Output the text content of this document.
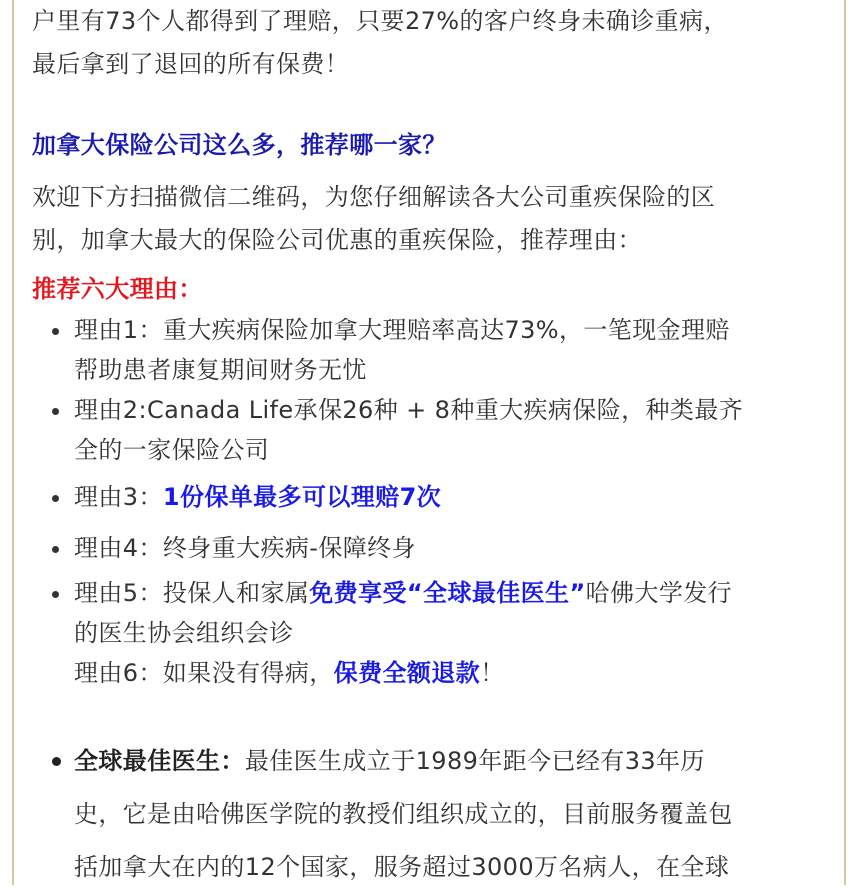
户里有73个人都得到了理赔，只要27%的客户终身未确诊重病，
最后拿到了退回的所有保费！
加拿大保险公司这么多，推荐哪一家？
欢迎下方扫描微信二维码，为您仔细解读各大公司重疾保险的区
别，加拿大最大的保险公司优惠的重疾保险，推荐理由：
推荐六大理由：
理由1：重大疾病保险加拿大理赔率高达73%，一笔现金理赔
帮助患者康复期间财务无忧
理由2:Canada Life承保26种 + 8种重大疾病保险，种类最齐
全的一家保险公司
理由3：1份保单最多可以理赔7次
理由4：终身重大疾病-保障终身
理由5：投保人和家属免费享受“全球最佳医生”哈佛大学发行
的医生协会组织会诊
理由6：如果没有得病，保费全额退款！
全球最佳医生：最佳医生成立于1989年距今已经有33年历
史，它是由哈佛医学院的教授们组织成立的，目前服务覆盖包
括加拿大在内的12个国家，服务超过3000万名病人，在全球
